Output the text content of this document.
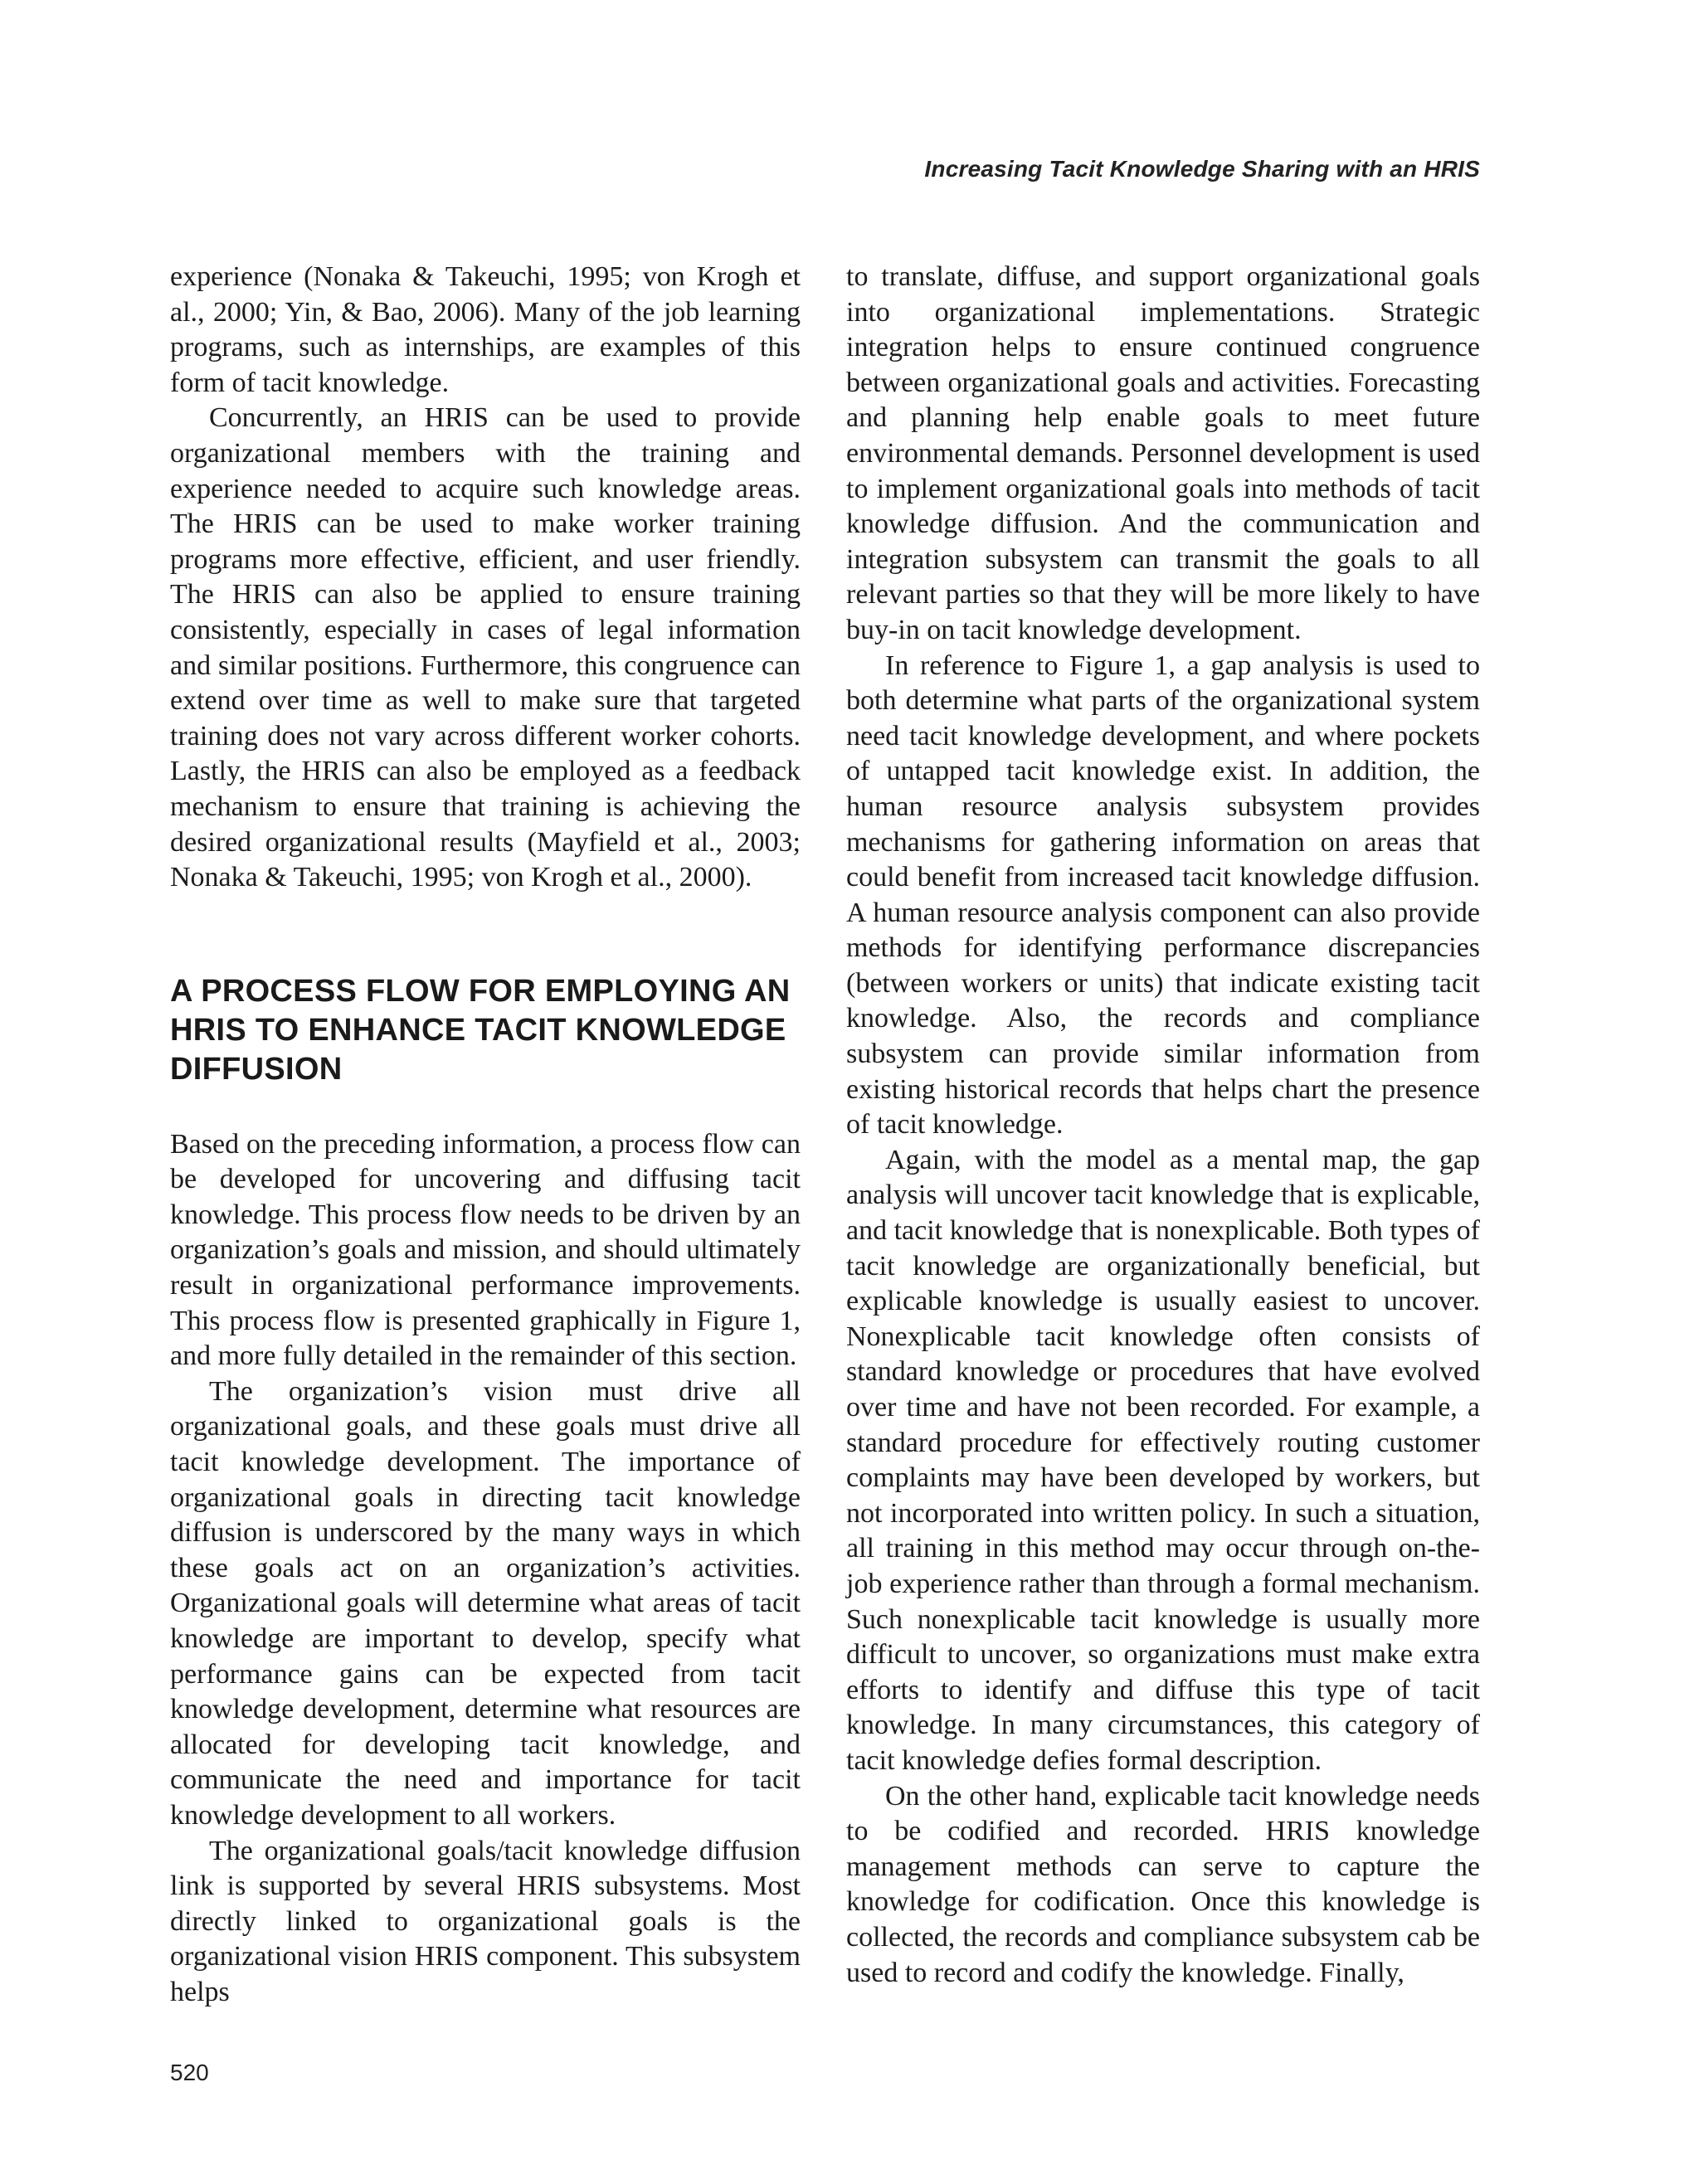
Increasing Tacit Knowledge Sharing with an HRIS

experience (Nonaka & Takeuchi, 1995; von Krogh et al., 2000; Yin, & Bao, 2006). Many of the job learning programs, such as internships, are examples of this form of tacit knowledge.

Concurrently, an HRIS can be used to provide organizational members with the training and experience needed to acquire such knowledge areas. The HRIS can be used to make worker training programs more effective, efficient, and user friendly. The HRIS can also be applied to ensure training consistently, especially in cases of legal information and similar positions. Furthermore, this congruence can extend over time as well to make sure that targeted training does not vary across different worker cohorts. Lastly, the HRIS can also be employed as a feedback mechanism to ensure that training is achieving the desired organizational results (Mayfield et al., 2003; Nonaka & Takeuchi, 1995; von Krogh et al., 2000).

A PROCESS FLOW FOR EMPLOYING AN HRIS TO ENHANCE TACIT KNOWLEDGE DIFFUSION

Based on the preceding information, a process flow can be developed for uncovering and diffusing tacit knowledge. This process flow needs to be driven by an organization’s goals and mission, and should ultimately result in organizational performance improvements. This process flow is presented graphically in Figure 1, and more fully detailed in the remainder of this section.

The organization’s vision must drive all organizational goals, and these goals must drive all tacit knowledge development. The importance of organizational goals in directing tacit knowledge diffusion is underscored by the many ways in which these goals act on an organization’s activities. Organizational goals will determine what areas of tacit knowledge are important to develop, specify what performance gains can be expected from tacit knowledge development, determine what resources are allocated for developing tacit knowledge, and communicate the need and importance for tacit knowledge development to all workers.

The organizational goals/tacit knowledge diffusion link is supported by several HRIS subsystems. Most directly linked to organizational goals is the organizational vision HRIS component. This subsystem helps

to translate, diffuse, and support organizational goals into organizational implementations. Strategic integration helps to ensure continued congruence between organizational goals and activities. Forecasting and planning help enable goals to meet future environmental demands. Personnel development is used to implement organizational goals into methods of tacit knowledge diffusion. And the communication and integration subsystem can transmit the goals to all relevant parties so that they will be more likely to have buy-in on tacit knowledge development.

In reference to Figure 1, a gap analysis is used to both determine what parts of the organizational system need tacit knowledge development, and where pockets of untapped tacit knowledge exist. In addition, the human resource analysis subsystem provides mechanisms for gathering information on areas that could benefit from increased tacit knowledge diffusion. A human resource analysis component can also provide methods for identifying performance discrepancies (between workers or units) that indicate existing tacit knowledge. Also, the records and compliance subsystem can provide similar information from existing historical records that helps chart the presence of tacit knowledge.

Again, with the model as a mental map, the gap analysis will uncover tacit knowledge that is explicable, and tacit knowledge that is nonexplicable. Both types of tacit knowledge are organizationally beneficial, but explicable knowledge is usually easiest to uncover. Nonexplicable tacit knowledge often consists of standard knowledge or procedures that have evolved over time and have not been recorded. For example, a standard procedure for effectively routing customer complaints may have been developed by workers, but not incorporated into written policy. In such a situation, all training in this method may occur through on-the-job experience rather than through a formal mechanism. Such nonexplicable tacit knowledge is usually more difficult to uncover, so organizations must make extra efforts to identify and diffuse this type of tacit knowledge. In many circumstances, this category of tacit knowledge defies formal description.

On the other hand, explicable tacit knowledge needs to be codified and recorded. HRIS knowledge management methods can serve to capture the knowledge for codification. Once this knowledge is collected, the records and compliance subsystem cab be used to record and codify the knowledge. Finally,

520
